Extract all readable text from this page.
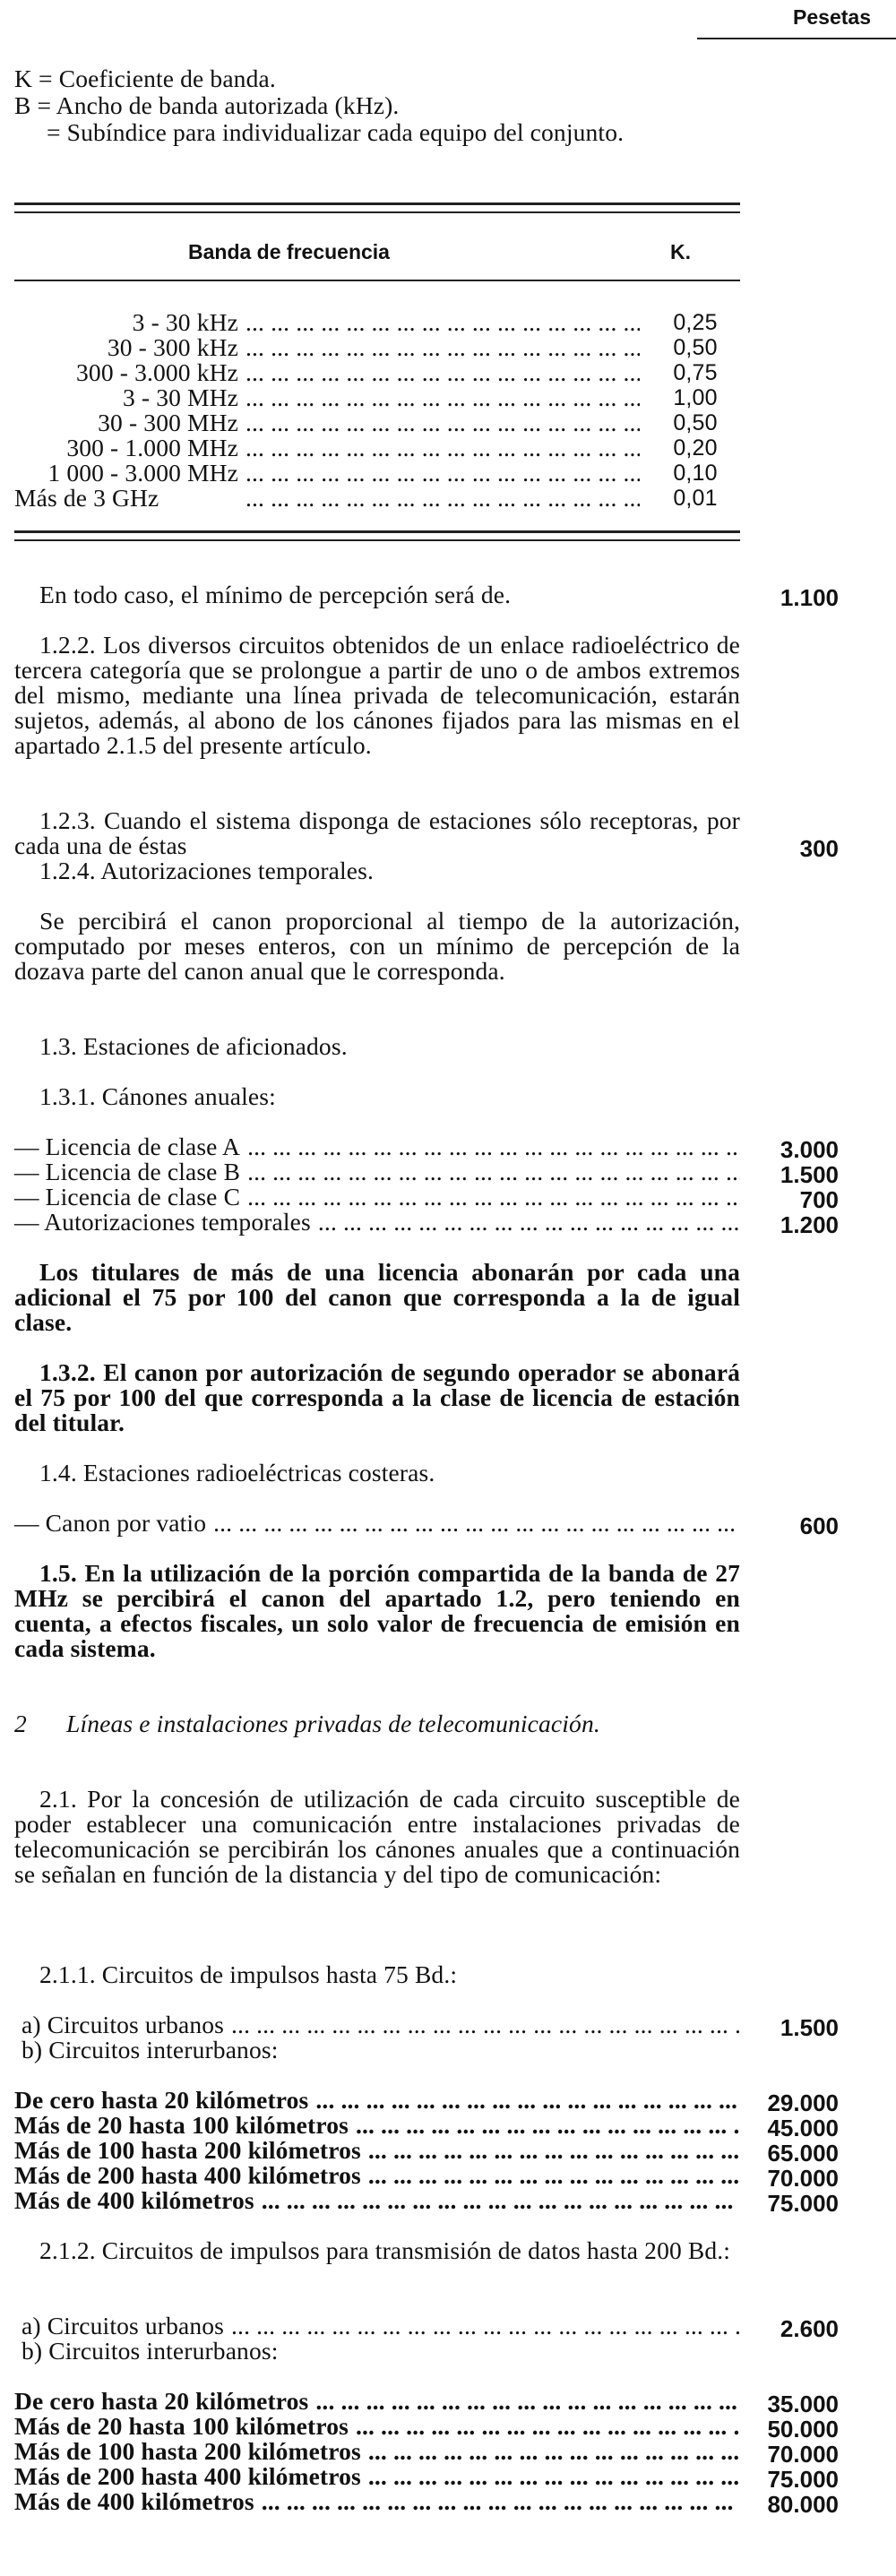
Pesetas
K = Coeficiente de banda.
B = Ancho de banda autorizada (kHz).
= Subíndice para individualizar cada equipo del conjunto.
Banda de frecuencia	K.
3 - 30 kHz ... .	0,25
30 - 300 kHz ... .	0,50
300 - 3.000 kHz ... .	0,75
3 - 30 MHz ... .	1,00
30 - 300 MHz ... .	0,50
300 - 1.000 MHz ... .	0,20
1 000 - 3.000 MHz ... .	0,10
Más de 3 GHz ... .	0,01
En todo caso, el mínimo de percepción será de.	1.100
1.2.2. Los diversos circuitos obtenidos de un enlace radioeléctrico de tercera categoría que se prolongue a partir de uno o de ambos extremos del mismo, mediante una línea privada de telecomunicación, estarán sujetos, además, al abono de los cánones fijados para las mismas en el apartado 2.1.5 del presente artículo.
1.2.3. Cuando el sistema disponga de estaciones sólo receptoras, por cada una de éstas	300
1.2.4. Autorizaciones temporales.
Se percibirá el canon proporcional al tiempo de la autorización, computado por meses enteros, con un mínimo de percepción de la dozava parte del canon anual que le corresponda.
1.3. Estaciones de aficionados.
1.3.1. Cánones anuales:
— Licencia de clase A ... .	3.000
— Licencia de clase B ... .	1.500
— Licencia de clase C ... .	700
— Autorizaciones temporales ... .	1.200
Los titulares de más de una licencia abonarán por cada una adicional el 75 por 100 del canon que corresponda a la de igual clase.
1.3.2. El canon por autorización de segundo operador se abonará el 75 por 100 del que corresponda a la clase de licencia de estación del titular.
1.4. Estaciones radioeléctricas costeras.
— Canon por vatio ... .	600
1.5. En la utilización de la porción compartida de la banda de 27 MHz se percibirá el canon del apartado 1.2, pero teniendo en cuenta, a efectos fiscales, un solo valor de frecuencia de emisión en cada sistema.
2	Líneas e instalaciones privadas de telecomunicación.
2.1. Por la concesión de utilización de cada circuito susceptible de poder establecer una comunicación entre instalaciones privadas de telecomunicación se percibirán los cánones anuales que a continuación se señalan en función de la distancia y del tipo de comunicación:
2.1.1. Circuitos de impulsos hasta 75 Bd.:
a) Circuitos urbanos ... .	1.500
b) Circuitos interurbanos:
De cero hasta 20 kilómetros ... .	29.000
Más de 20 hasta 100 kilómetros ... .	45.000
Más de 100 hasta 200 kilómetros ... .	65.000
Más de 200 hasta 400 kilómetros ... .	70.000
Más de 400 kilómetros ... .	75.000
2.1.2. Circuitos de impulsos para transmisión de datos hasta 200 Bd.:
a) Circuitos urbanos ... .	2.600
b) Circuitos interurbanos:
De cero hasta 20 kilómetros ... .	35.000
Más de 20 hasta 100 kilómetros ... .	50.000
Más de 100 hasta 200 kilómetros ... .	70.000
Más de 200 hasta 400 kilómetros ... .	75.000
Más de 400 kilómetros ... .	80.000
